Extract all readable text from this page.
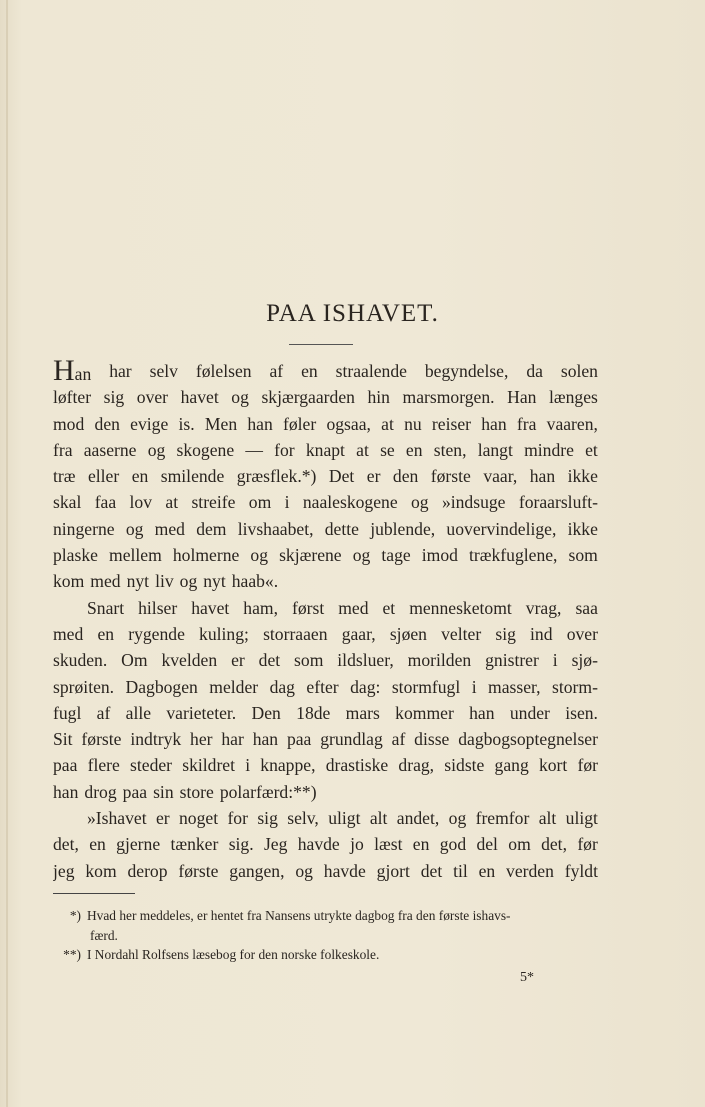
PAA ISHAVET.
Han har selv følelsen af en straalende begyndelse, da solen
løfter sig over havet og skjærgaarden hin marsmorgen. Han længes
mod den evige is. Men han føler ogsaa, at nu reiser han fra vaaren,
fra aaserne og skogene — for knapt at se en sten, langt mindre et
træ eller en smilende græsflek.*) Det er den første vaar, han ikke
skal faa lov at streife om i naaleskogene og »indsuge foraarsluft-
ningerne og med dem livshaabet, dette jublende, uovervindelige, ikke
plaske mellem holmerne og skjærene og tage imod trækfuglene, som
kom med nyt liv og nyt haab«.
Snart hilser havet ham, først med et mennesketomt vrag, saa
med en rygende kuling; storraaen gaar, sjøen velter sig ind over
skuden. Om kvelden er det som ildsluer, morilden gnistrer i sjø-
sprøiten. Dagbogen melder dag efter dag: stormfugl i masser, storm-
fugl af alle varieteter. Den 18de mars kommer han under isen.
Sit første indtryk her har han paa grundlag af disse dagbogsoptegnelser
paa flere steder skildret i knappe, drastiske drag, sidste gang kort før
han drog paa sin store polarfærd:**)
»Ishavet er noget for sig selv, uligt alt andet, og fremfor alt uligt
det, en gjerne tænker sig. Jeg havde jo læst en god del om det, før
jeg kom derop første gangen, og havde gjort det til en verden fyldt
*) Hvad her meddeles, er hentet fra Nansens utrykte dagbog fra den første ishavs-
færd.
**) I Nordahl Rolfsens læsebog for den norske folkeskole.
5*
